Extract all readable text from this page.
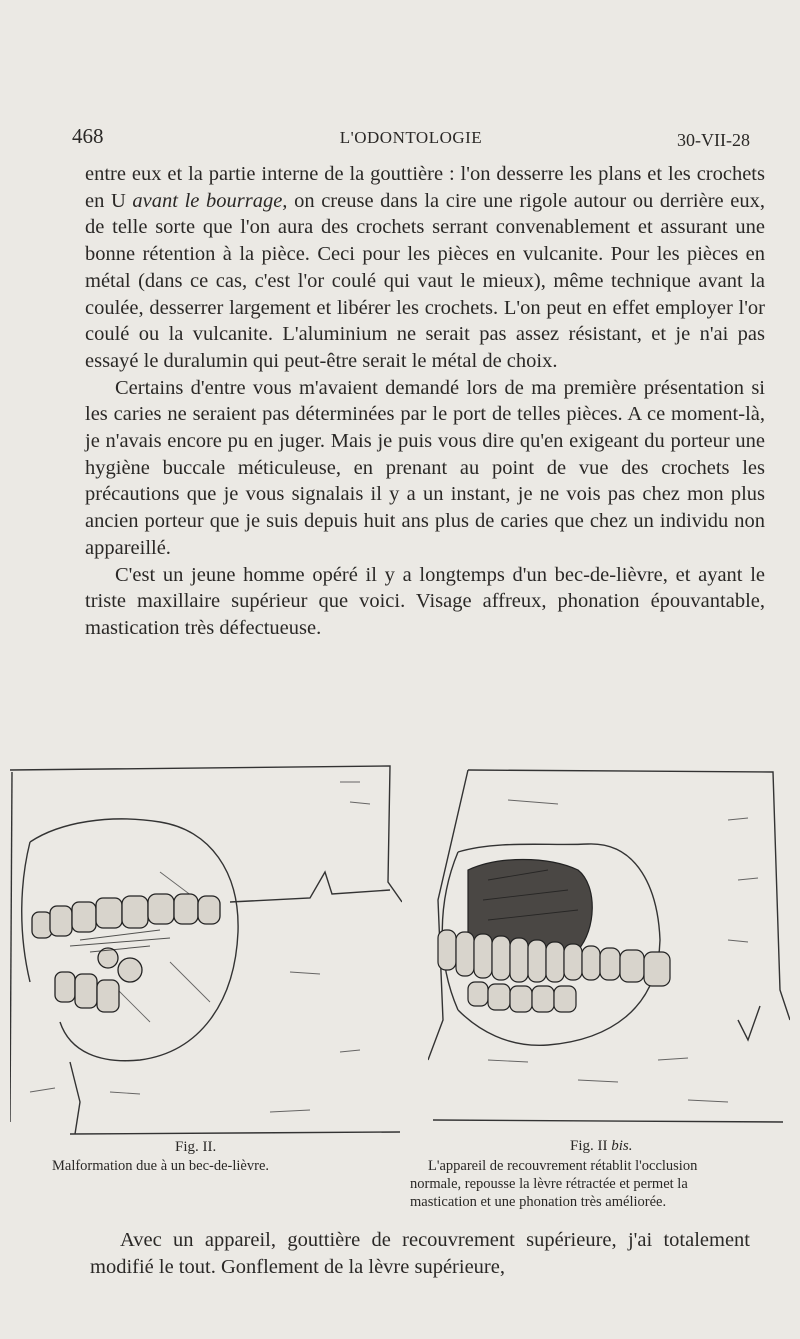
468	L'ODONTOLOGIE	30-VII-28

entre eux et la partie interne de la gouttière : l'on desserre les plans et les crochets en U avant le bourrage, on creuse dans la cire une rigole autour ou derrière eux, de telle sorte que l'on aura des crochets serrant convenablement et assurant une bonne rétention à la pièce. Ceci pour les pièces en vulcanite. Pour les pièces en métal (dans ce cas, c'est l'or coulé qui vaut le mieux), même technique avant la coulée, desserrer largement et libérer les crochets. L'on peut en effet employer l'or coulé ou la vulcanite. L'aluminium ne serait pas assez résistant, et je n'ai pas essayé le duralumin qui peut-être serait le métal de choix.

Certains d'entre vous m'avaient demandé lors de ma première présentation si les caries ne seraient pas déterminées par le port de telles pièces. A ce moment-là, je n'avais encore pu en juger. Mais je puis vous dire qu'en exigeant du porteur une hygiène buccale méticuleuse, en prenant au point de vue des crochets les précautions que je vous signalais il y a un instant, je ne vois pas chez mon plus ancien porteur que je suis depuis huit ans plus de caries que chez un individu non appareillé.

C'est un jeune homme opéré il y a longtemps d'un bec-de-lièvre, et ayant le triste maxillaire supérieur que voici. Visage affreux, phonation épouvantable, mastication très défectueuse.

Fig. II.
Malformation due à un bec-de-lièvre.
Fig. II bis.
L'appareil de recouvrement rétablit l'occlusion
normale, repousse la lèvre rétractée et permet la
mastication et une phonation très améliorée.

Avec un appareil, gouttière de recouvrement supérieure, j'ai totalement modifié le tout. Gonflement de la lèvre supérieure,
